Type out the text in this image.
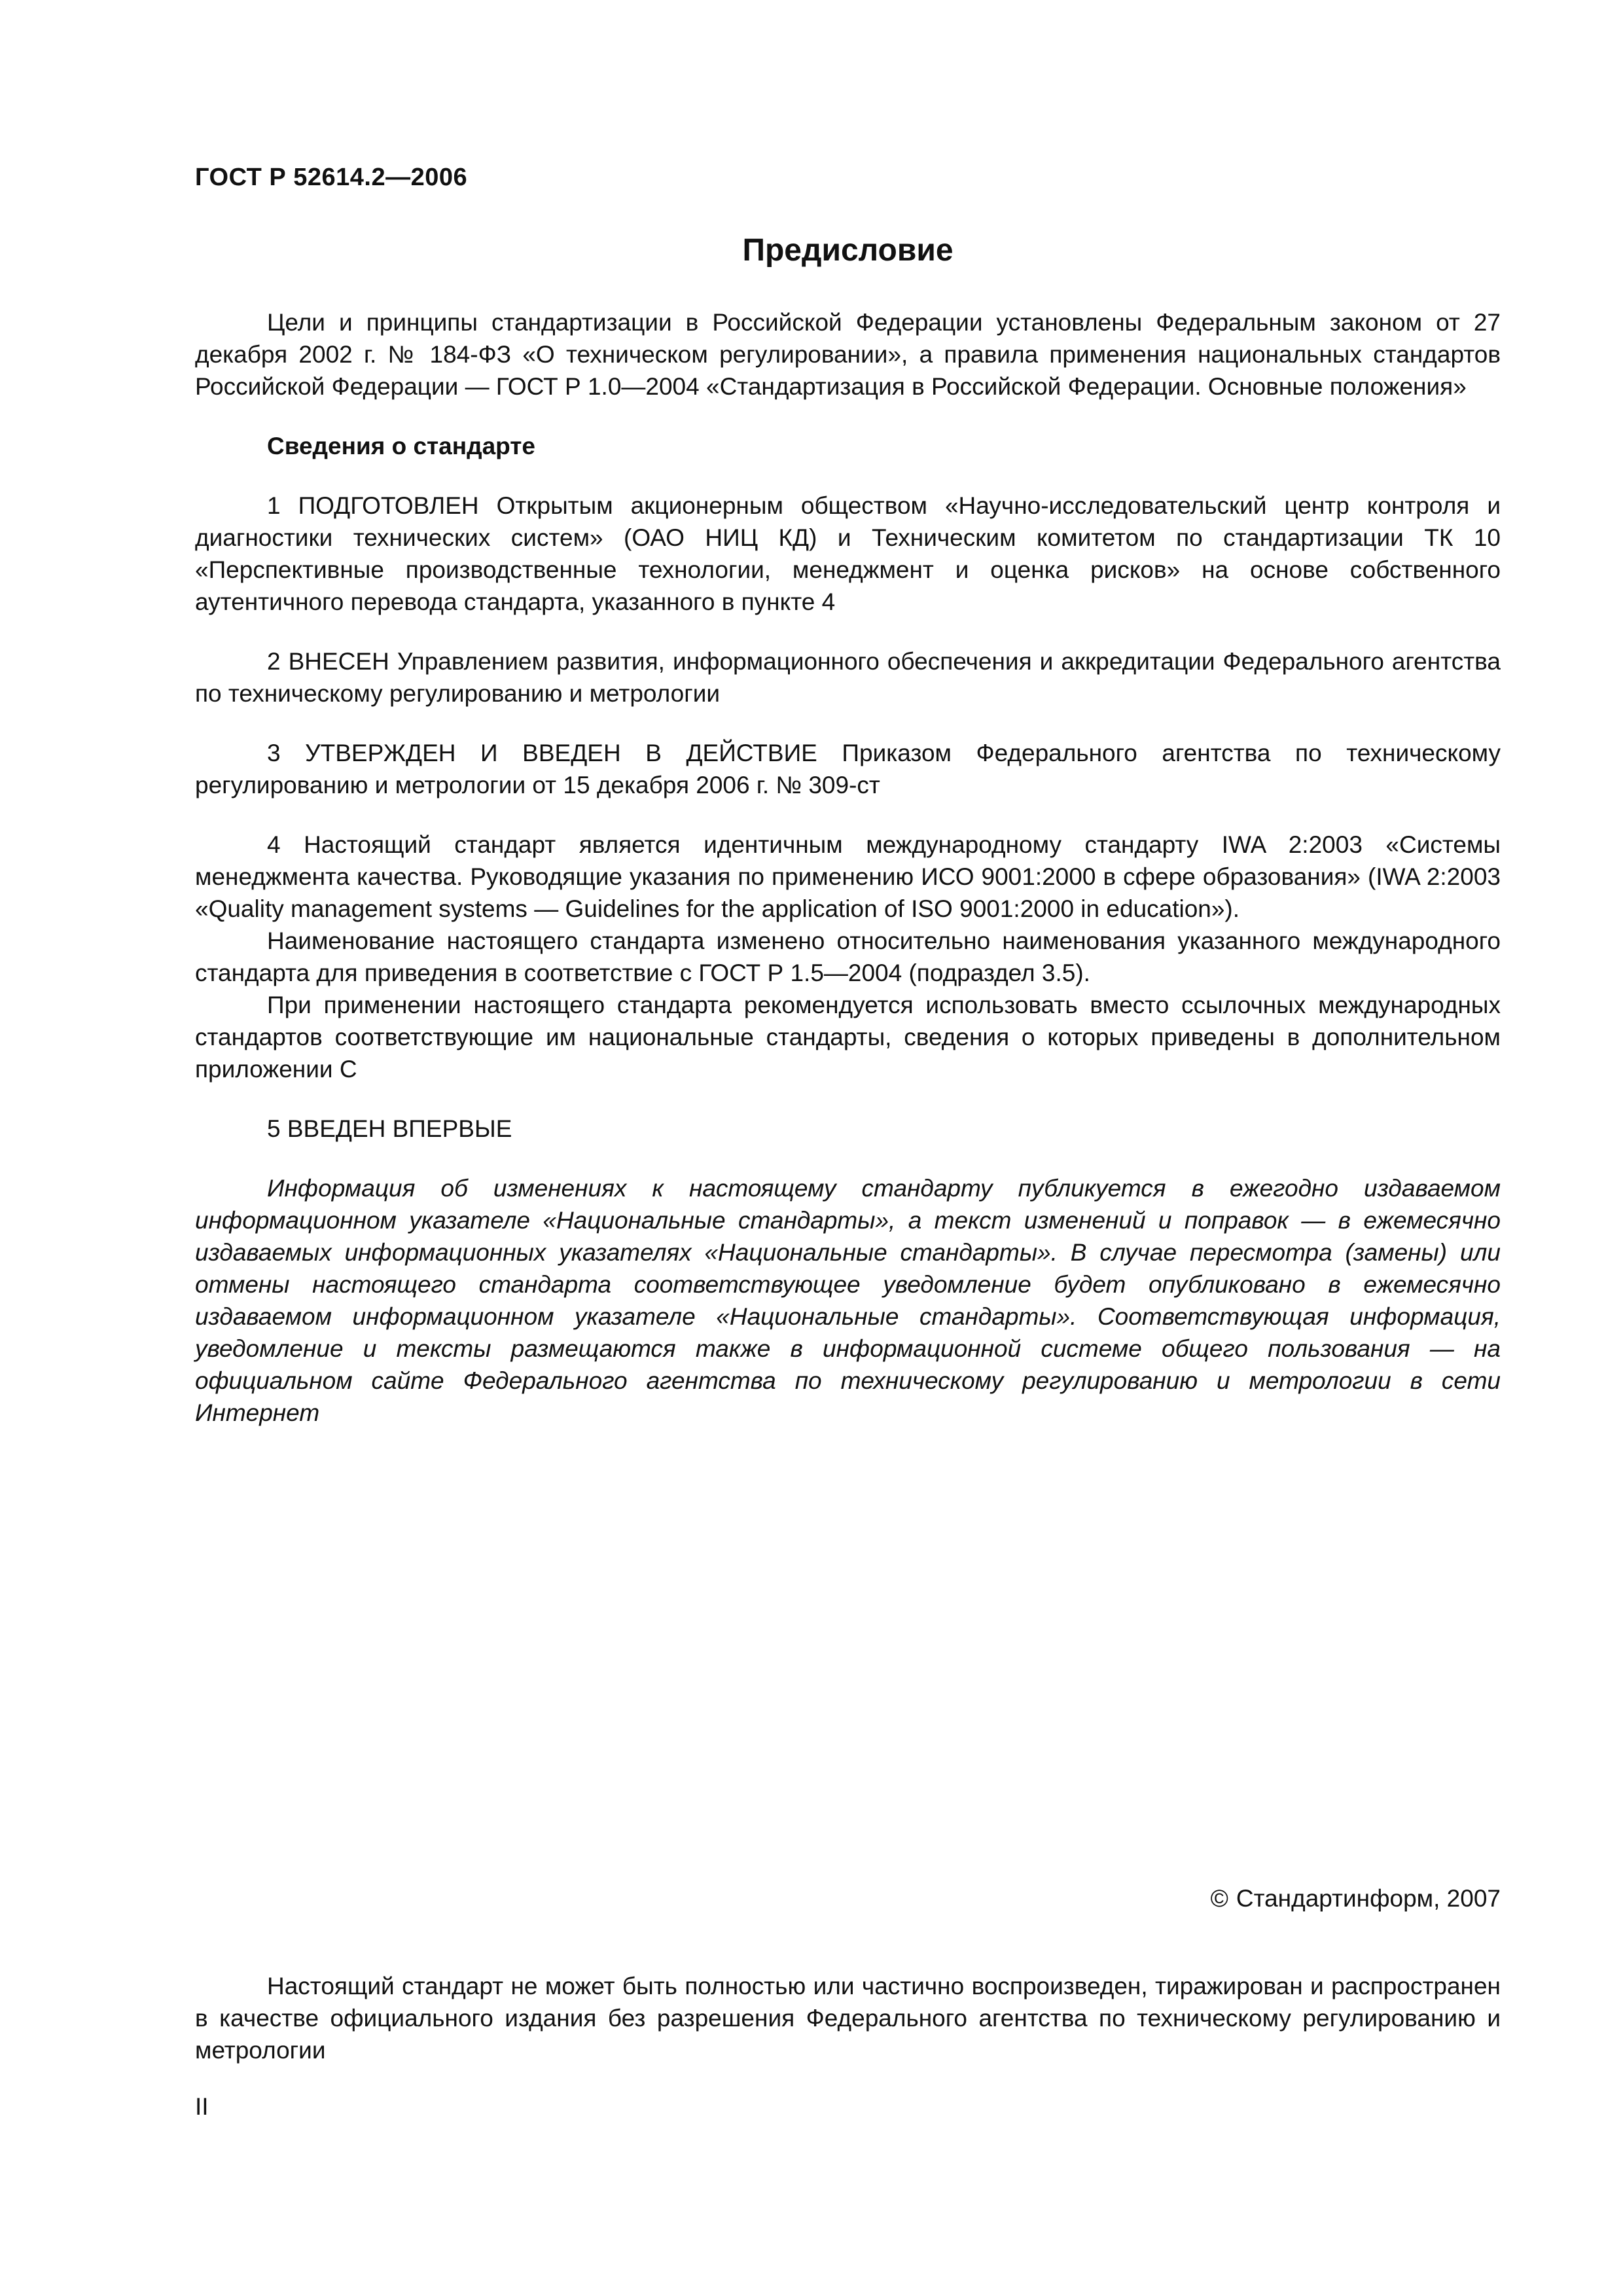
ГОСТ Р 52614.2—2006
Предисловие

Цели и принципы стандартизации в Российской Федерации установлены Федеральным законом от 27 декабря 2002 г. № 184-ФЗ «О техническом регулировании», а правила применения национальных стандартов Российской Федерации — ГОСТ Р 1.0—2004 «Стандартизация в Российской Федерации. Основные положения»

Сведения о стандарте

1 ПОДГОТОВЛЕН Открытым акционерным обществом «Научно-исследовательский центр контроля и диагностики технических систем» (ОАО НИЦ КД) и Техническим комитетом по стандартизации ТК 10 «Перспективные производственные технологии, менеджмент и оценка рисков» на основе собственного аутентичного перевода стандарта, указанного в пункте 4

2 ВНЕСЕН Управлением развития, информационного обеспечения и аккредитации Федерального агентства по техническому регулированию и метрологии

3 УТВЕРЖДЕН И ВВЕДЕН В ДЕЙСТВИЕ Приказом Федерального агентства по техническому регулированию и метрологии от 15 декабря 2006 г. № 309-ст

4 Настоящий стандарт является идентичным международному стандарту IWA 2:2003 «Системы менеджмента качества. Руководящие указания по применению ИСО 9001:2000 в сфере образования» (IWA 2:2003 «Quality management systems — Guidelines for the application of ISO 9001:2000 in education»).

Наименование настоящего стандарта изменено относительно наименования указанного международного стандарта для приведения в соответствие с ГОСТ Р 1.5—2004 (подраздел 3.5).

При применении настоящего стандарта рекомендуется использовать вместо ссылочных международных стандартов соответствующие им национальные стандарты, сведения о которых приведены в дополнительном приложении С

5 ВВЕДЕН ВПЕРВЫЕ

Информация об изменениях к настоящему стандарту публикуется в ежегодно издаваемом информационном указателе «Национальные стандарты», а текст изменений и поправок — в ежемесячно издаваемых информационных указателях «Национальные стандарты». В случае пересмотра (замены) или отмены настоящего стандарта соответствующее уведомление будет опубликовано в ежемесячно издаваемом информационном указателе «Национальные стандарты». Соответствующая информация, уведомление и тексты размещаются также в информационной системе общего пользования — на официальном сайте Федерального агентства по техническому регулированию и метрологии в сети Интернет

© Стандартинформ, 2007

Настоящий стандарт не может быть полностью или частично воспроизведен, тиражирован и распространен в качестве официального издания без разрешения Федерального агентства по техническому регулированию и метрологии

II
